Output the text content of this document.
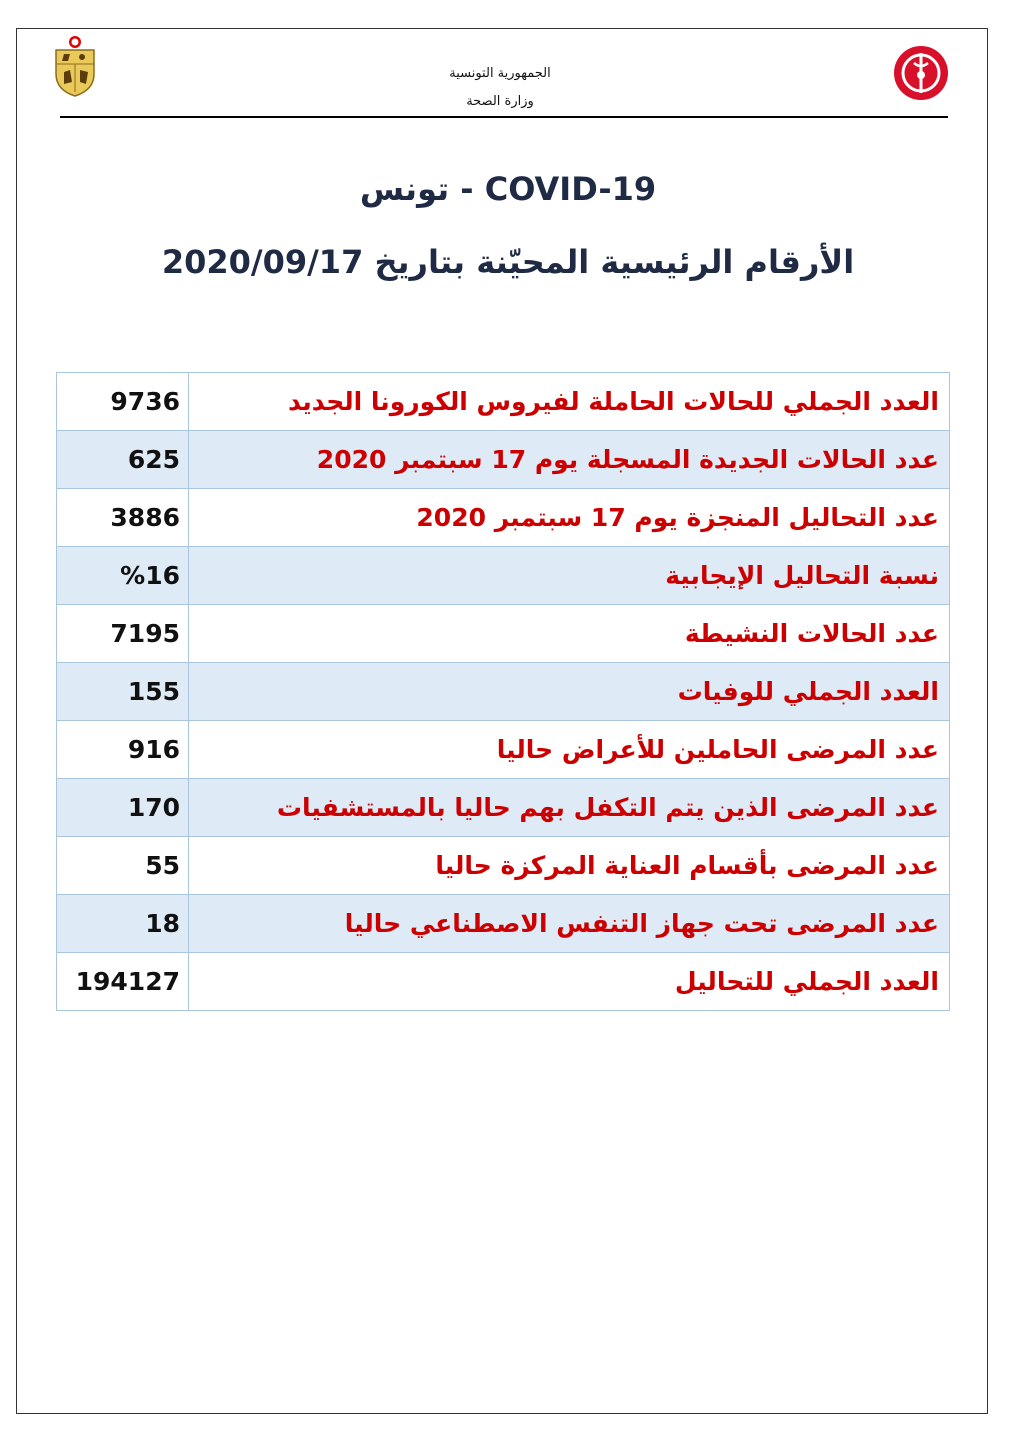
الجمهورية التونسية
وزارة الصحة
COVID-19 - تونس
الأرقام الرئيسية المحيّنة بتاريخ 2020/09/17
9736	العدد الجملي للحالات الحاملة لفيروس الكورونا الجديد
625	عدد الحالات الجديدة المسجلة يوم 17 سبتمبر 2020
3886	عدد التحاليل المنجزة يوم 17 سبتمبر 2020
%16	نسبة التحاليل الإيجابية
7195	عدد الحالات النشيطة
155	العدد الجملي للوفيات
916	عدد المرضى الحاملين للأعراض حاليا
170	عدد المرضى الذين يتم التكفل بهم حاليا بالمستشفيات
55	عدد المرضى بأقسام العناية المركزة حاليا
18	عدد المرضى تحت جهاز التنفس الاصطناعي حاليا
194127	العدد الجملي للتحاليل
